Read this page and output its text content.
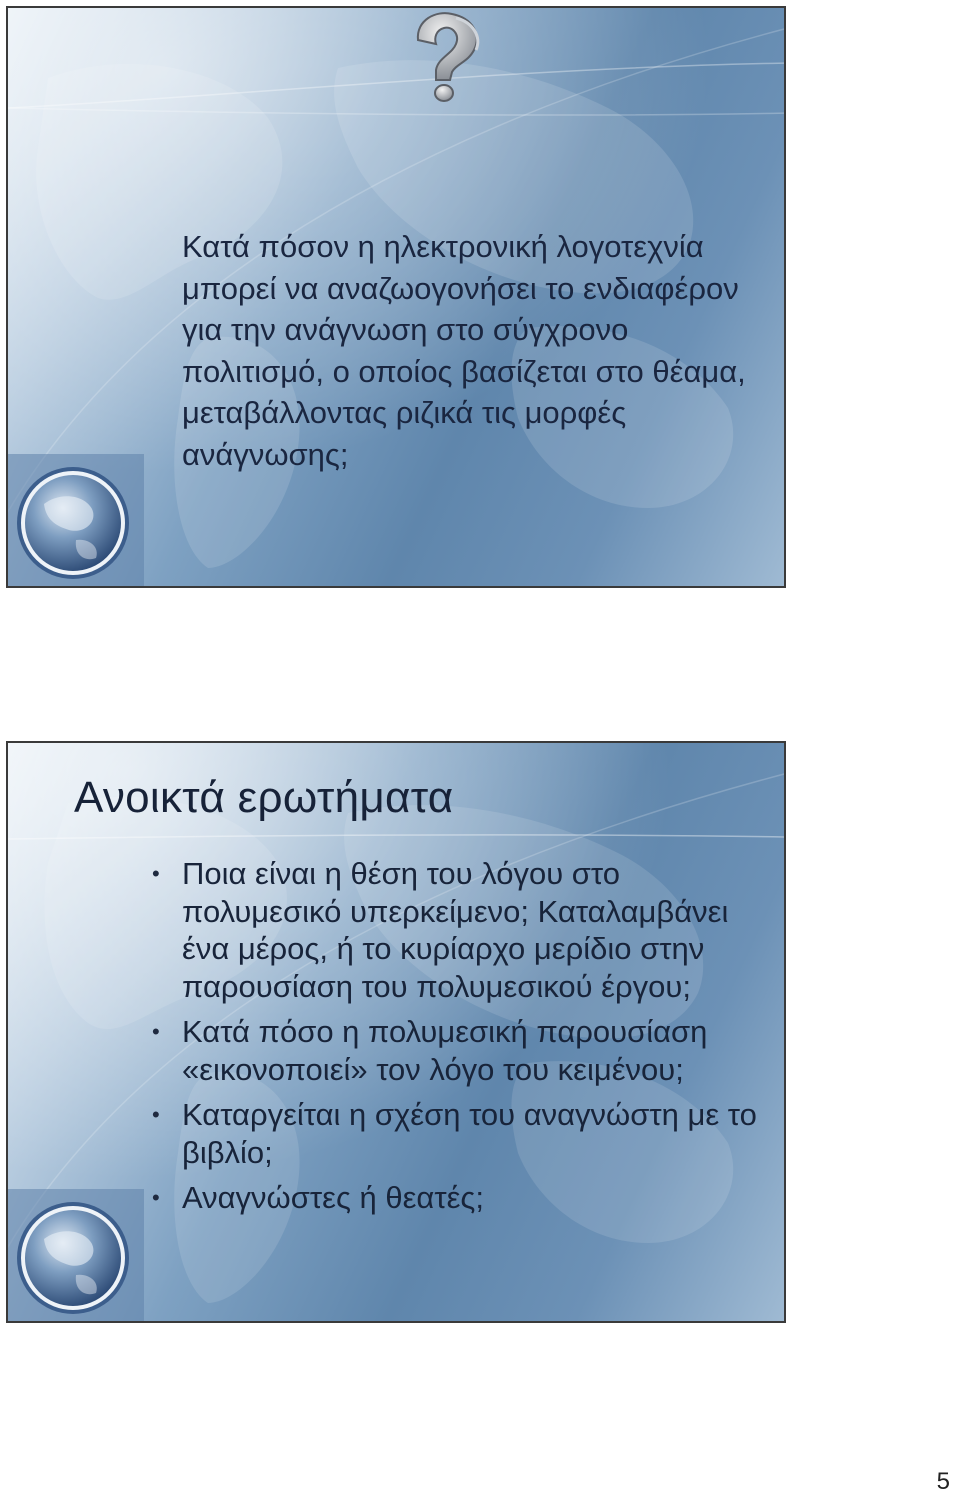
Κατά πόσον η ηλεκτρονική λογοτεχνία μπορεί να αναζωογονήσει το ενδιαφέρον για την ανάγνωση στο σύγχρονο πολιτισμό, ο οποίος βασίζεται στο θέαμα, μεταβάλλοντας ριζικά τις μορφές ανάγνωσης;
Ανοικτά ερωτήματα
• Ποια είναι η θέση του λόγου στο πολυμεσικό υπερκείμενο; Καταλαμβάνει ένα μέρος, ή το κυρίαρχο μερίδιο στην παρουσίαση του πολυμεσικού έργου;
• Κατά πόσο η πολυμεσική παρουσίαση «εικονοποιεί» τον λόγο του κειμένου;
• Καταργείται η σχέση του αναγνώστη με το βιβλίο;
• Αναγνώστες ή θεατές;
5
